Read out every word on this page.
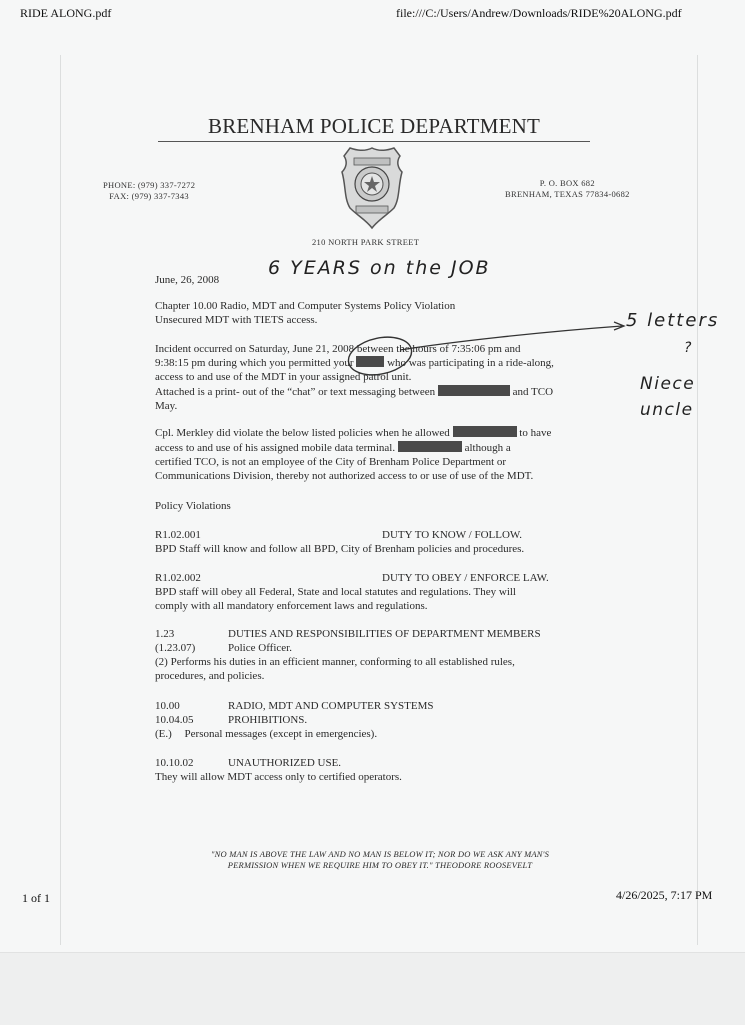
RIDE ALONG.pdf	file:///C:/Users/Andrew/Downloads/RIDE%20ALONG.pdf
BRENHAM POLICE DEPARTMENT
PHONE: (979) 337-7272
FAX: (979) 337-7343
P. O. BOX 682
BRENHAM, TEXAS 77834-0682
210 NORTH PARK STREET
6 YEARS on the JOB
5 letters
?
Niece
uncle
June, 26, 2008
Chapter 10.00 Radio, MDT and Computer Systems Policy Violation
Unsecured MDT with TIETS access.
Incident occurred on Saturday, June 21, 2008 between the hours of 7:35:06 pm and
9:38:15 pm during which you permitted your	who was participating in a ride-along,
access to and use of the MDT in your assigned patrol unit.
Attached is a print- out of the “chat” or text messaging between	and TCO
May.
Cpl. Merkley did violate the below listed policies when he allowed	to have
access to and use of his assigned mobile data terminal.	although a
certified TCO, is not an employee of the City of Brenham Police Department or
Communications Division, thereby not authorized access to or use of use of the MDT.
Policy Violations
R1.02.001	DUTY TO KNOW / FOLLOW.
BPD Staff will know and follow all BPD, City of Brenham policies and procedures.
R1.02.002	DUTY TO OBEY / ENFORCE LAW.
BPD staff will obey all Federal, State and local statutes and regulations. They will
comply with all mandatory enforcement laws and regulations.
1.23	DUTIES AND RESPONSIBILITIES OF DEPARTMENT MEMBERS
(1.23.07)	Police Officer.
(2) Performs his duties in an efficient manner, conforming to all established rules,
procedures, and policies.
10.00	RADIO, MDT AND COMPUTER SYSTEMS
10.04.05	PROHIBITIONS.
(E.) Personal messages (except in emergencies).
10.10.02	UNAUTHORIZED USE.
They will allow MDT access only to certified operators.
"NO MAN IS ABOVE THE LAW AND NO MAN IS BELOW IT; NOR DO WE ASK ANY MAN'S
PERMISSION WHEN WE REQUIRE HIM TO OBEY IT." THEODORE ROOSEVELT
1 of 1	4/26/2025, 7:17 PM
